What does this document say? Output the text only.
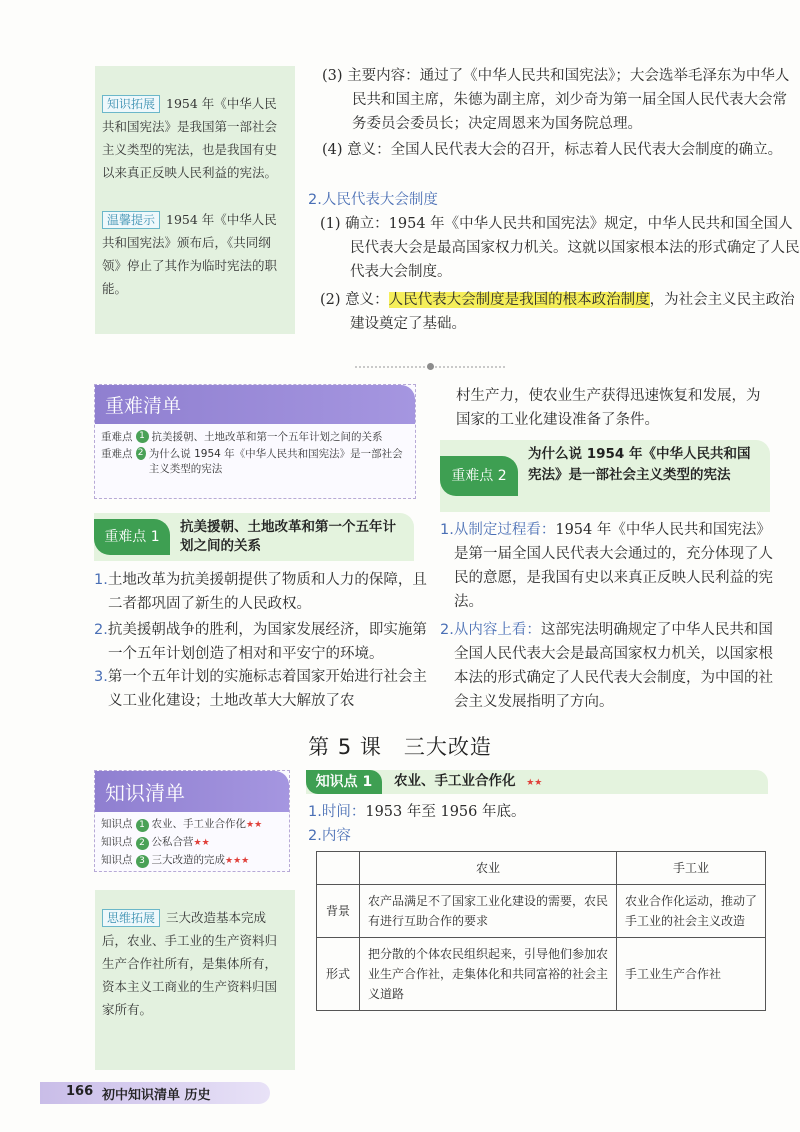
知识拓展 1954 年《中华人民共和国宪法》是我国第一部社会主义类型的宪法，也是我国有史以来真正反映人民利益的宪法。
温馨提示 1954 年《中华人民共和国宪法》颁布后，《共同纲领》停止了其作为临时宪法的职能。
(3) 主要内容：通过了《中华人民共和国宪法》；大会选举毛泽东为中华人民共和国主席，朱德为副主席，刘少奇为第一届全国人民代表大会常务委员会委员长；决定周恩来为国务院总理。
(4) 意义：全国人民代表大会的召开，标志着人民代表大会制度的确立。
2.人民代表大会制度
(1) 确立：1954 年《中华人民共和国宪法》规定，中华人民共和国全国人民代表大会是最高国家权力机关。这就以国家根本法的形式确定了人民代表大会制度。
(2) 意义：人民代表大会制度是我国的根本政治制度，为社会主义民主政治建设奠定了基础。
重难清单
重难点 1 抗美援朝、土地改革和第一个五年计划之间的关系
重难点 2 为什么说 1954 年《中华人民共和国宪法》是一部社会主义类型的宪法
重难点 1
抗美援朝、土地改革和第一个五年计划之间的关系
1.土地改革为抗美援朝提供了物质和人力的保障，且二者都巩固了新生的人民政权。
2.抗美援朝战争的胜利，为国家发展经济，即实施第一个五年计划创造了相对和平安宁的环境。
3.第一个五年计划的实施标志着国家开始进行社会主义工业化建设；土地改革大大解放了农
村生产力，使农业生产获得迅速恢复和发展，为国家的工业化建设准备了条件。
重难点 2
为什么说 1954 年《中华人民共和国宪法》是一部社会主义类型的宪法
1.从制定过程看：1954 年《中华人民共和国宪法》是第一届全国人民代表大会通过的，充分体现了人民的意愿，是我国有史以来真正反映人民利益的宪法。
2.从内容上看：这部宪法明确规定了中华人民共和国全国人民代表大会是最高国家权力机关，以国家根本法的形式确定了人民代表大会制度，为中国的社会主义发展指明了方向。
第 5 课　三大改造
知识清单
知识点 1 农业、手工业合作化★★
知识点 2 公私合营★★
知识点 3 三大改造的完成★★★
思维拓展 三大改造基本完成后，农业、手工业的生产资料归生产合作社所有，是集体所有，资本主义工商业的生产资料归国家所有。
知识点 1	农业、手工业合作化 ★★
1.时间：1953 年至 1956 年底。
2.内容
	农业	手工业
背景	农产品满足不了国家工业化建设的需要，农民有进行互助合作的要求	农业合作化运动，推动了手工业的社会主义改造
形式	把分散的个体农民组织起来，引导他们参加农业生产合作社，走集体化和共同富裕的社会主义道路	手工业生产合作社
166 初中知识清单 历史
